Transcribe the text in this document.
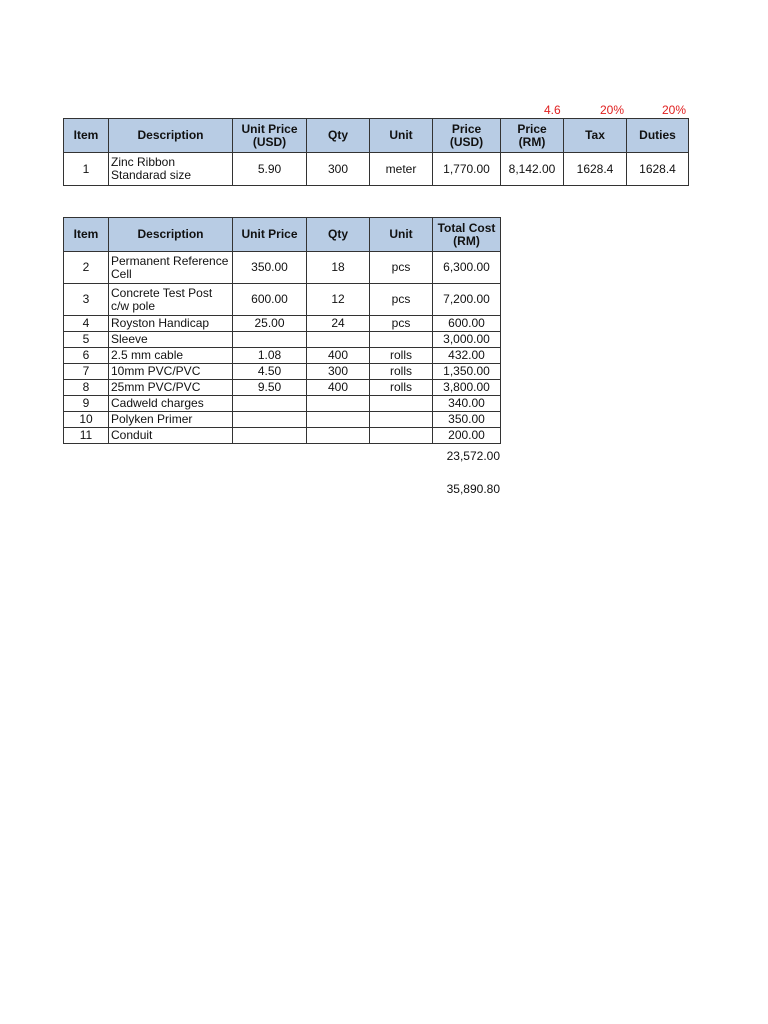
4.6	20%	20%
Item	Description	Unit Price (USD)	Qty	Unit	Price (USD)	Price (RM)	Tax	Duties
1	Zinc Ribbon Standarad size	5.90	300	meter	1,770.00	8,142.00	1628.4	1628.4
Item	Description	Unit Price	Qty	Unit	Total Cost (RM)
2	Permanent Reference Cell	350.00	18	pcs	6,300.00
3	Concrete Test Post c/w pole	600.00	12	pcs	7,200.00
4	Royston Handicap	25.00	24	pcs	600.00
5	Sleeve				3,000.00
6	2.5 mm cable	1.08	400	rolls	432.00
7	10mm PVC/PVC	4.50	300	rolls	1,350.00
8	25mm PVC/PVC	9.50	400	rolls	3,800.00
9	Cadweld charges				340.00
10	Polyken Primer				350.00
11	Conduit				200.00
23,572.00
35,890.80
